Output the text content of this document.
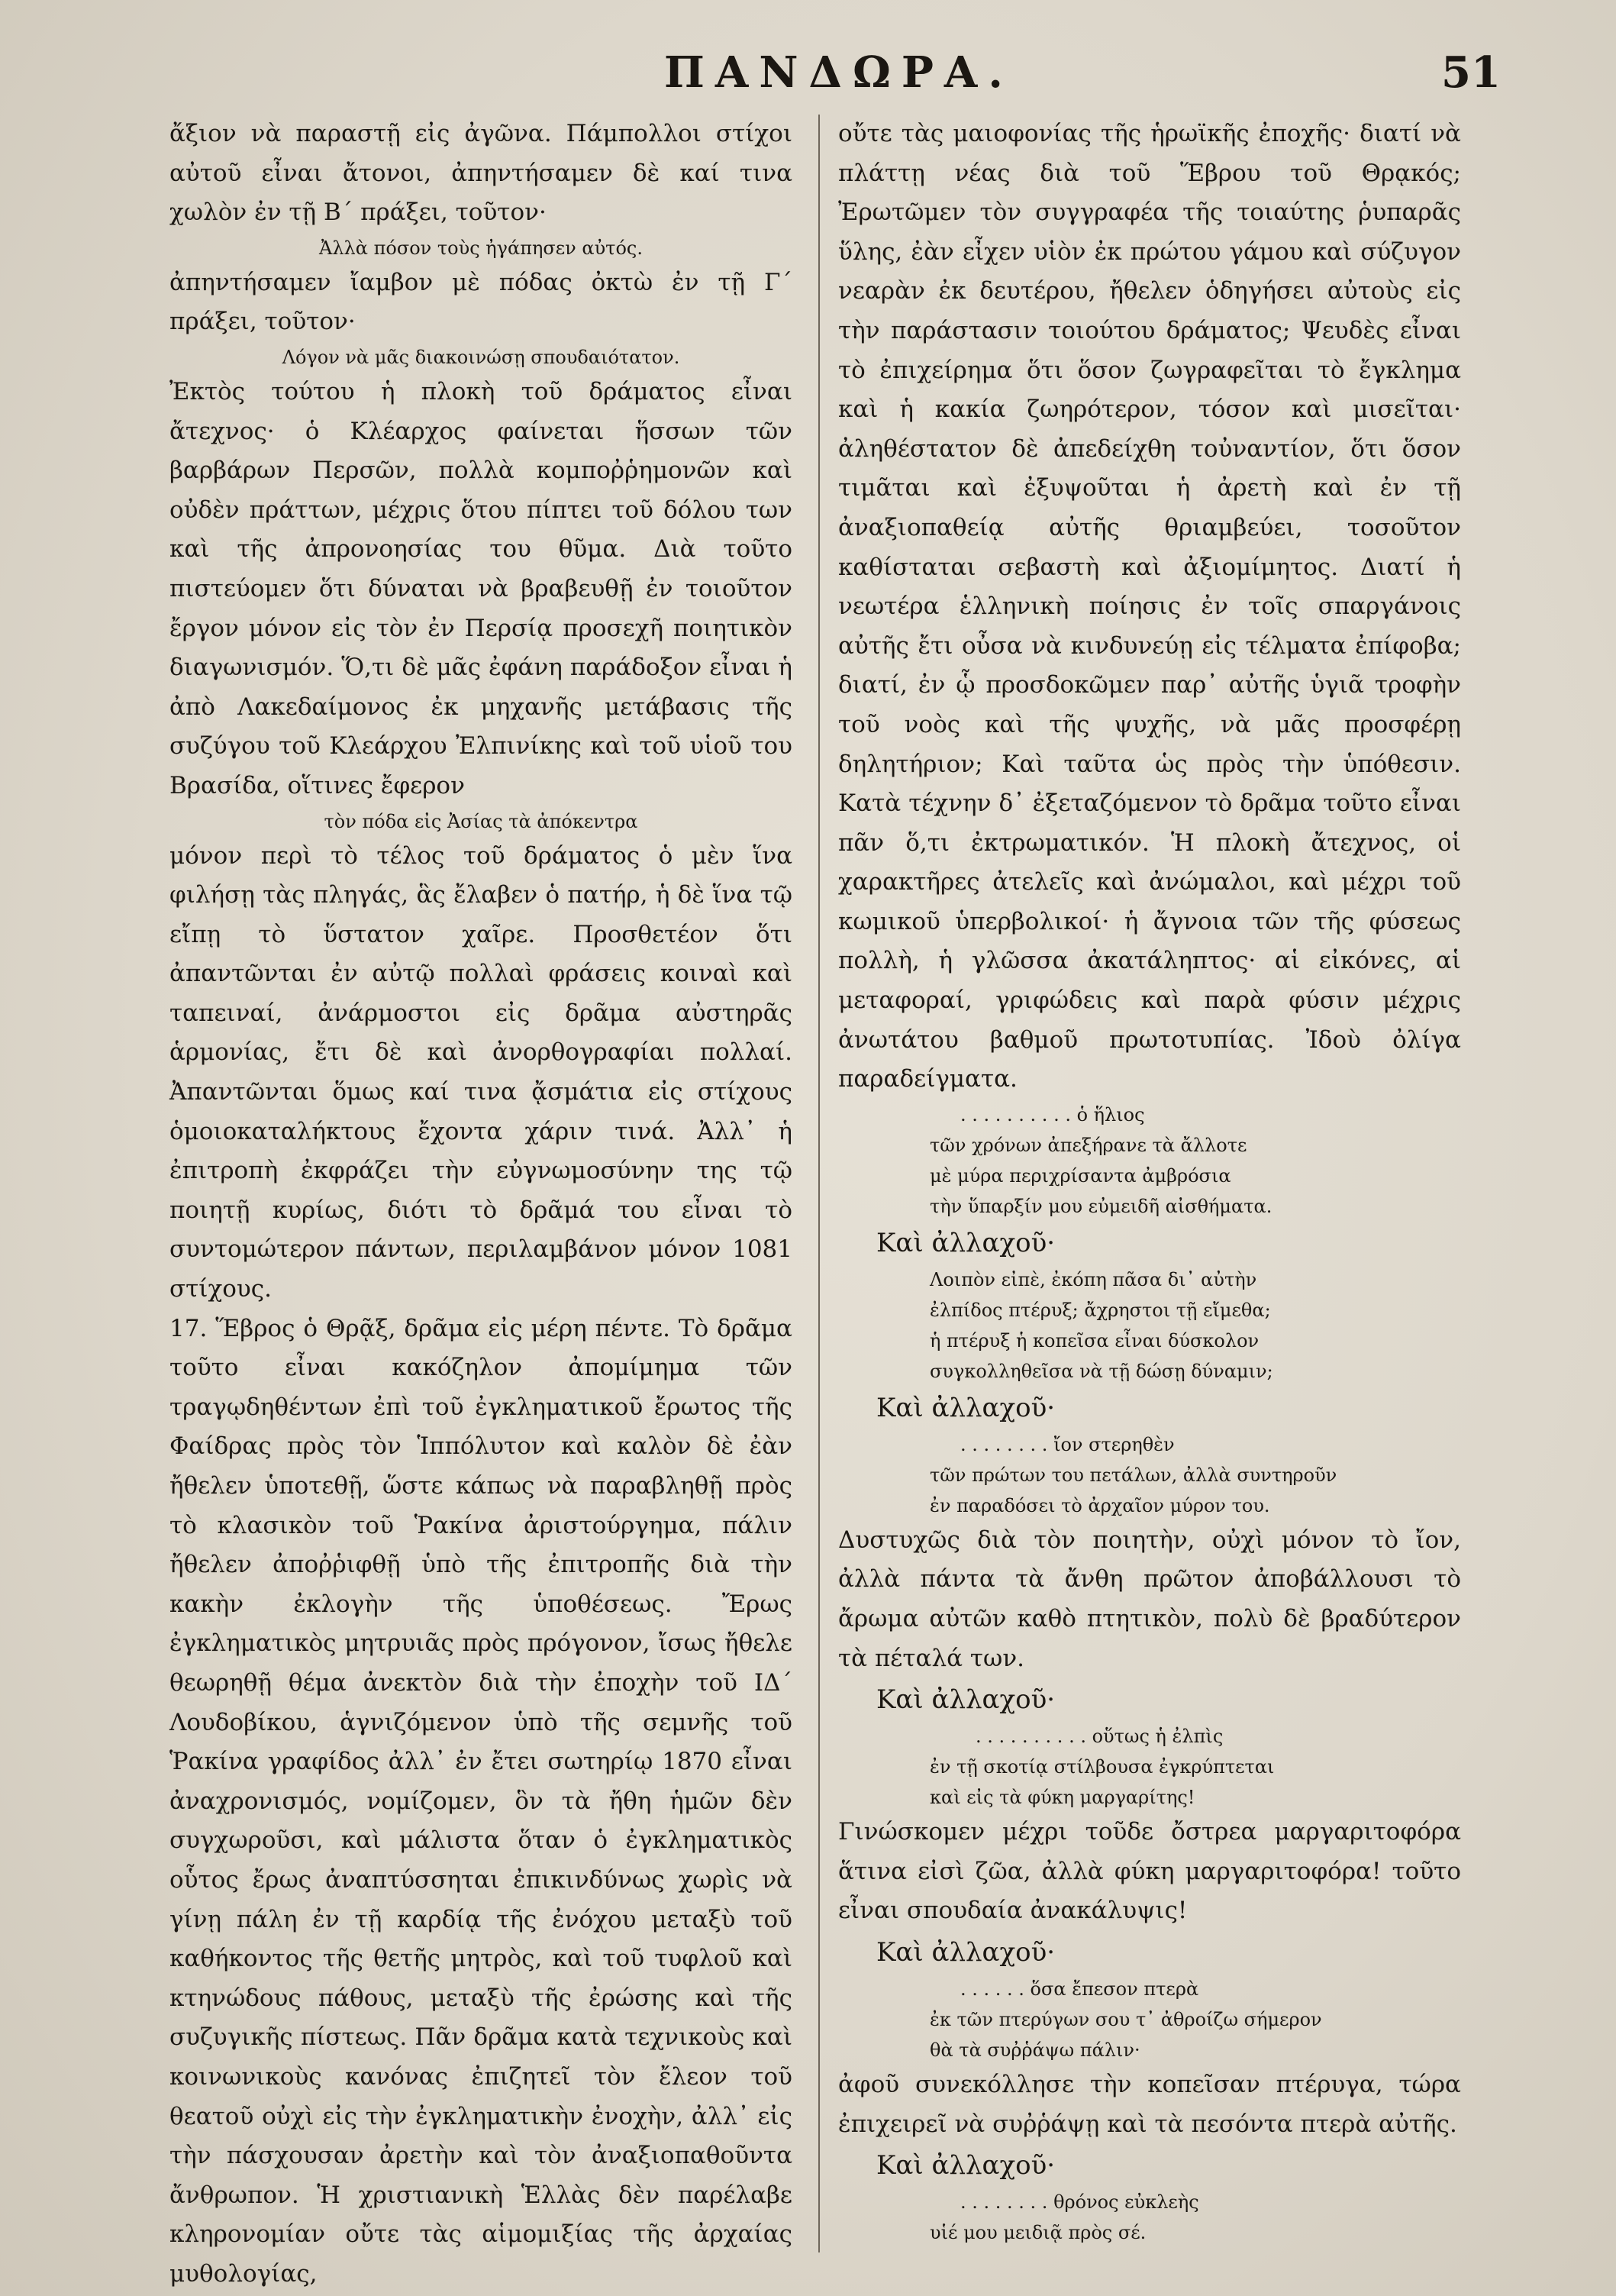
ΠΑΝΔΩΡΑ.	51

ἄξιον νὰ παραστῇ εἰς ἀγῶνα. Πάμπολλοι στίχοι αὐτοῦ εἶναι ἄτονοι, ἀπηντήσαμεν δὲ καί τινα χωλὸν ἐν τῇ Β΄ πράξει, τοῦτον·

Ἀλλὰ πόσον τοὺς ἠγάπησεν αὐτός.

ἀπηντήσαμεν ἴαμβον μὲ πόδας ὀκτὼ ἐν τῇ Γ΄ πράξει, τοῦτον·

Λόγον νὰ μᾶς διακοινώσῃ σπουδαιότατον.

Ἐκτὸς τούτου ἡ πλοκὴ τοῦ δράματος εἶναι ἄτεχνος· ὁ Κλέαρχος φαίνεται ἥσσων τῶν βαρβάρων Περσῶν, πολλὰ κομποῤῥημονῶν καὶ οὐδὲν πράττων, μέχρις ὅτου πίπτει τοῦ δόλου των καὶ τῆς ἀπρονοησίας του θῦμα. Διὰ τοῦτο πιστεύομεν ὅτι δύναται νὰ βραβευθῇ ἐν τοιοῦτον ἔργον μόνον εἰς τὸν ἐν Περσίᾳ προσεχῆ ποιητικὸν διαγωνισμόν. Ὅ,τι δὲ μᾶς ἐφάνη παράδοξον εἶναι ἡ ἀπὸ Λακεδαίμονος ἐκ μηχανῆς μετάβασις τῆς συζύγου τοῦ Κλεάρχου Ἐλπινίκης καὶ τοῦ υἱοῦ του Βρασίδα, οἵτινες ἔφερον

τὸν πόδα εἰς Ἀσίας τὰ ἀπόκεντρα

μόνον περὶ τὸ τέλος τοῦ δράματος ὁ μὲν ἵνα φιλήσῃ τὰς πληγάς, ἃς ἔλαβεν ὁ πατήρ, ἡ δὲ ἵνα τῷ εἴπῃ τὸ ὕστατον χαῖρε. Προσθετέον ὅτι ἀπαντῶνται ἐν αὐτῷ πολλαὶ φράσεις κοιναὶ καὶ ταπειναί, ἀνάρμοστοι εἰς δρᾶμα αὐστηρᾶς ἁρμονίας, ἔτι δὲ καὶ ἀνορθογραφίαι πολλαί. Ἀπαντῶνται ὅμως καί τινα ᾄσμάτια εἰς στίχους ὁμοιοκαταλήκτους ἔχοντα χάριν τινά. Ἀλλ᾽ ἡ ἐπιτροπὴ ἐκφράζει τὴν εὐγνωμοσύνην της τῷ ποιητῇ κυρίως, διότι τὸ δρᾶμά του εἶναι τὸ συντομώτερον πάντων, περιλαμβάνον μόνον 1081 στίχους.

17. Ἕβρος ὁ Θρᾷξ, δρᾶμα εἰς μέρη πέντε. Τὸ δρᾶμα τοῦτο εἶναι κακόζηλον ἀπομίμημα τῶν τραγῳδηθέντων ἐπὶ τοῦ ἐγκληματικοῦ ἔρωτος τῆς Φαίδρας πρὸς τὸν Ἱππόλυτον καὶ καλὸν δὲ ἐὰν ἤθελεν ὑποτεθῇ, ὥστε κάπως νὰ παραβληθῇ πρὸς τὸ κλασικὸν τοῦ Ῥακίνα ἀριστούργημα, πάλιν ἤθελεν ἀποῤῥιφθῇ ὑπὸ τῆς ἐπιτροπῆς διὰ τὴν κακὴν ἐκλογὴν τῆς ὑποθέσεως. Ἔρως ἐγκληματικὸς μητρυιᾶς πρὸς πρόγονον, ἴσως ἤθελε θεωρηθῇ θέμα ἀνεκτὸν διὰ τὴν ἐποχὴν τοῦ ΙΔ΄ Λουδοβίκου, ἁγνιζόμενον ὑπὸ τῆς σεμνῆς τοῦ Ῥακίνα γραφίδος ἀλλ᾽ ἐν ἔτει σωτηρίῳ 1870 εἶναι ἀναχρονισμός, νομίζομεν, ὃν τὰ ἤθη ἡμῶν δὲν συγχωροῦσι, καὶ μάλιστα ὅταν ὁ ἐγκληματικὸς οὗτος ἔρως ἀναπτύσσηται ἐπικινδύνως χωρὶς νὰ γίνῃ πάλη ἐν τῇ καρδίᾳ τῆς ἐνόχου μεταξὺ τοῦ καθήκοντος τῆς θετῆς μητρὸς, καὶ τοῦ τυφλοῦ καὶ κτηνώδους πάθους, μεταξὺ τῆς ἐρώσης καὶ τῆς συζυγικῆς πίστεως. Πᾶν δρᾶμα κατὰ τεχνικοὺς καὶ κοινωνικοὺς κανόνας ἐπιζητεῖ τὸν ἔλεον τοῦ θεατοῦ οὐχὶ εἰς τὴν ἐγκληματικὴν ἐνοχὴν, ἀλλ᾽ εἰς τὴν πάσχουσαν ἀρετὴν καὶ τὸν ἀναξιοπαθοῦντα ἄνθρωπον. Ἡ χριστιανικὴ Ἑλλὰς δὲν παρέλαβε κληρονομίαν οὔτε τὰς αἱμομιξίας τῆς ἀρχαίας μυθολογίας,

οὔτε τὰς μαιοφονίας τῆς ἡρωϊκῆς ἐποχῆς· διατί νὰ πλάττῃ νέας διὰ τοῦ Ἕβρου τοῦ Θρᾳκός; Ἐρωτῶμεν τὸν συγγραφέα τῆς τοιαύτης ῥυπαρᾶς ὕλης, ἐὰν εἶχεν υἱὸν ἐκ πρώτου γάμου καὶ σύζυγον νεαρὰν ἐκ δευτέρου, ἤθελεν ὁδηγήσει αὐτοὺς εἰς τὴν παράστασιν τοιούτου δράματος; Ψευδὲς εἶναι τὸ ἐπιχείρημα ὅτι ὅσον ζωγραφεῖται τὸ ἔγκλημα καὶ ἡ κακία ζωηρότερον, τόσον καὶ μισεῖται· ἀληθέστατον δὲ ἀπεδείχθη τοὐναντίον, ὅτι ὅσον τιμᾶται καὶ ἐξυψοῦται ἡ ἀρετὴ καὶ ἐν τῇ ἀναξιοπαθείᾳ αὐτῆς θριαμβεύει, τοσοῦτον καθίσταται σεβαστὴ καὶ ἀξιομίμητος. Διατί ἡ νεωτέρα ἑλληνικὴ ποίησις ἐν τοῖς σπαργάνοις αὐτῆς ἔτι οὖσα νὰ κινδυνεύῃ εἰς τέλματα ἐπίφοβα; διατί, ἐν ᾧ προσδοκῶμεν παρ᾽ αὐτῆς ὑγιᾶ τροφὴν τοῦ νοὸς καὶ τῆς ψυχῆς, νὰ μᾶς προσφέρῃ δηλητήριον; Καὶ ταῦτα ὡς πρὸς τὴν ὑπόθεσιν. Κατὰ τέχνην δ᾽ ἐξεταζόμενον τὸ δρᾶμα τοῦτο εἶναι πᾶν ὅ,τι ἐκτρωματικόν. Ἡ πλοκὴ ἄτεχνος, οἱ χαρακτῆρες ἀτελεῖς καὶ ἀνώμαλοι, καὶ μέχρι τοῦ κωμικοῦ ὑπερβολικοί· ἡ ἄγνοια τῶν τῆς φύσεως πολλὴ, ἡ γλῶσσα ἀκατάληπτος· αἱ εἰκόνες, αἱ μεταφοραί, γριφώδεις καὶ παρὰ φύσιν μέχρις ἀνωτάτου βαθμοῦ πρωτοτυπίας. Ἰδοὺ ὀλίγα παραδείγματα.

. . . . . . . . . . ὁ ἥλιος
τῶν χρόνων ἀπεξήρανε τὰ ἄλλοτε
μὲ μύρα περιχρίσαντα ἀμβρόσια
τὴν ὕπαρξίν μου εὐμειδῆ αἰσθήματα.
Καὶ ἀλλαχοῦ·
Λοιπὸν εἰπὲ, ἐκόπη πᾶσα δι᾽ αὐτὴν
ἐλπίδος πτέρυξ; ἄχρηστοι τῇ εἴμεθα;
ἡ πτέρυξ ἡ κοπεῖσα εἶναι δύσκολον
συγκολληθεῖσα νὰ τῇ δώσῃ δύναμιν;
Καὶ ἀλλαχοῦ·
. . . . . . . . ἴον στερηθὲν
τῶν πρώτων του πετάλων, ἀλλὰ συντηροῦν
ἐν παραδόσει τὸ ἀρχαῖον μύρον του.

Δυστυχῶς διὰ τὸν ποιητὴν, οὐχὶ μόνον τὸ ἴον, ἀλλὰ πάντα τὰ ἄνθη πρῶτον ἀποβάλλουσι τὸ ἄρωμα αὐτῶν καθὸ πτητικὸν, πολὺ δὲ βραδύτερον τὰ πέταλά των.

Καὶ ἀλλαχοῦ·
. . . . . . . . . . οὕτως ἡ ἐλπὶς
ἐν τῇ σκοτίᾳ στίλβουσα ἐγκρύπτεται
καὶ εἰς τὰ φύκη μαργαρίτης!

Γινώσκομεν μέχρι τοῦδε ὄστρεα μαργαριτοφόρα ἅτινα εἰσὶ ζῶα, ἀλλὰ φύκη μαργαριτοφόρα! τοῦτο εἶναι σπουδαία ἀνακάλυψις!

Καὶ ἀλλαχοῦ·
. . . . . . ὅσα ἔπεσον πτερὰ
ἐκ τῶν πτερύγων σου τ᾽ ἀθροίζω σήμερον
θὰ τὰ συῤῥάψω πάλιν·

ἀφοῦ συνεκόλλησε τὴν κοπεῖσαν πτέρυγα, τώρα ἐπιχειρεῖ νὰ συῤῥάψῃ καὶ τὰ πεσόντα πτερὰ αὐτῆς.

Καὶ ἀλλαχοῦ·
. . . . . . . . θρόνος εὐκλεὴς
υἱέ μου μειδιᾷ πρὸς σέ.
